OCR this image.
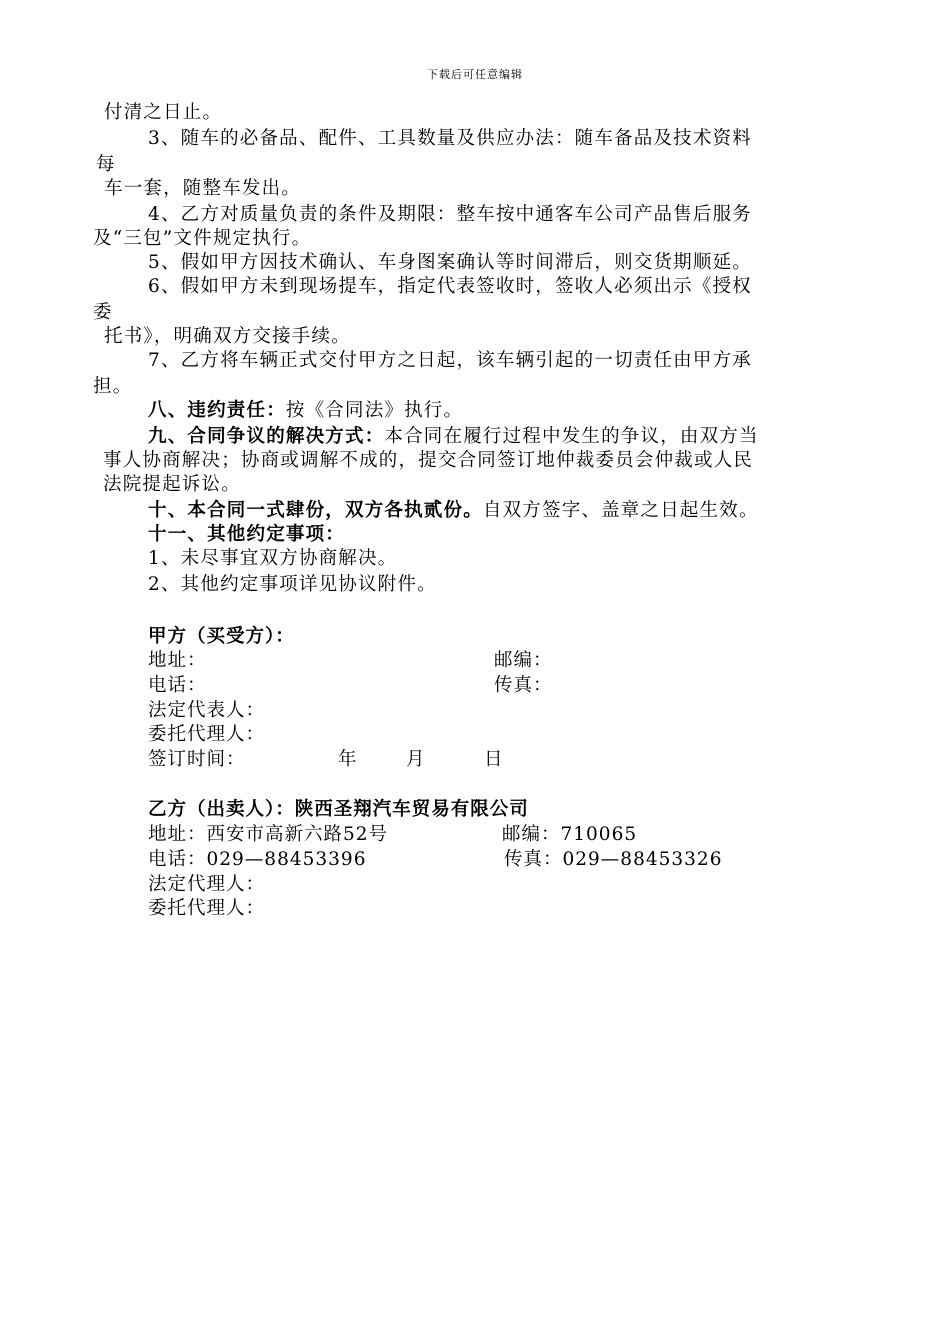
下载后可任意编辑
付清之日止。
3、随车的必备品、配件、工具数量及供应办法：随车备品及技术资料
每
车一套，随整车发出。
4、乙方对质量负责的条件及期限：整车按中通客车公司产品售后服务
及“三包”文件规定执行。
5、假如甲方因技术确认、车身图案确认等时间滞后，则交货期顺延。
6、假如甲方未到现场提车，指定代表签收时，签收人必须出示《授权
委
托书》，明确双方交接手续。
7、乙方将车辆正式交付甲方之日起，该车辆引起的一切责任由甲方承
担。
八、违约责任：按《合同法》执行。
九、合同争议的解决方式：本合同在履行过程中发生的争议，由双方当
事人协商解决；协商或调解不成的，提交合同签订地仲裁委员会仲裁或人民
法院提起诉讼。
十、本合同一式肆份，双方各执贰份。自双方签字、盖章之日起生效。
十一、其他约定事项：
1、未尽事宜双方协商解决。
2、其他约定事项详见协议附件。
甲方（买受方）：
地址：	邮编：
电话：	传真：
法定代表人：
委托代理人：
签订时间：	年	月	日
乙方（出卖人）：陕西圣翔汽车贸易有限公司
地址：西安市高新六路52号	邮编：710065
电话：029—88453396	传真：029—88453326
法定代理人：
委托代理人：
